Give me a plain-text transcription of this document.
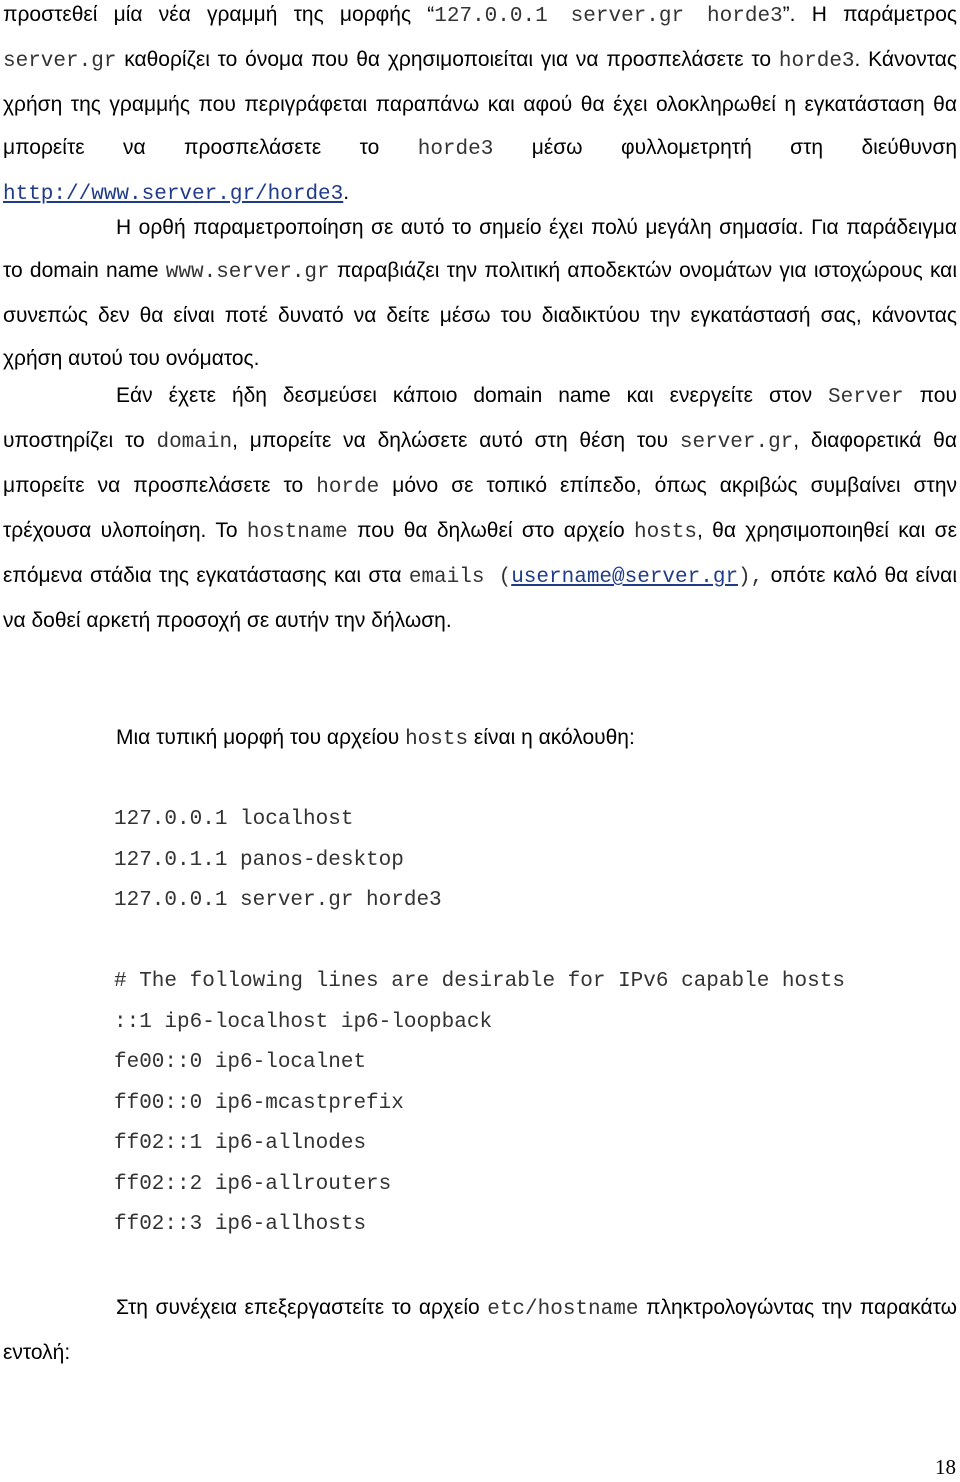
προστεθεί μία νέα γραμμή της μορφής “127.0.0.1 server.gr horde3”. Η παράμετρος server.gr καθορίζει το όνομα που θα χρησιμοποιείται για να προσπελάσετε το horde3. Κάνοντας χρήση της γραμμής που περιγράφεται παραπάνω και αφού θα έχει ολοκληρωθεί η εγκατάσταση θα μπορείτε να προσπελάσετε το horde3 μέσω φυλλομετρητή στη διεύθυνση http://www.server.gr/horde3.

Η ορθή παραμετροποίηση σε αυτό το σημείο έχει πολύ μεγάλη σημασία. Για παράδειγμα το domain name www.server.gr παραβιάζει την πολιτική αποδεκτών ονομάτων για ιστοχώρους και συνεπώς δεν θα είναι ποτέ δυνατό να δείτε μέσω του διαδικτύου την εγκατάστασή σας, κάνοντας χρήση αυτού του ονόματος.

Εάν έχετε ήδη δεσμεύσει κάποιο domain name και ενεργείτε στον Server που υποστηρίζει το domain, μπορείτε να δηλώσετε αυτό στη θέση του server.gr, διαφορετικά θα μπορείτε να προσπελάσετε το horde μόνο σε τοπικό επίπεδο, όπως ακριβώς συμβαίνει στην τρέχουσα υλοποίηση. Το hostname που θα δηλωθεί στο αρχείο hosts, θα χρησιμοποιηθεί και σε επόμενα στάδια της εγκατάστασης και στα emails (username@server.gr), οπότε καλό θα είναι να δοθεί αρκετή προσοχή σε αυτήν την δήλωση.

Μια τυπική μορφή του αρχείου hosts είναι η ακόλουθη:
127.0.0.1 localhost
127.0.1.1 panos-desktop
127.0.0.1 server.gr horde3
# The following lines are desirable for IPv6 capable hosts
::1 ip6-localhost ip6-loopback
fe00::0 ip6-localnet
ff00::0 ip6-mcastprefix
ff02::1 ip6-allnodes
ff02::2 ip6-allrouters
ff02::3 ip6-allhosts

Στη συνέχεια επεξεργαστείτε το αρχείο etc/hostname πληκτρολογώντας την παρακάτω εντολή:

18
